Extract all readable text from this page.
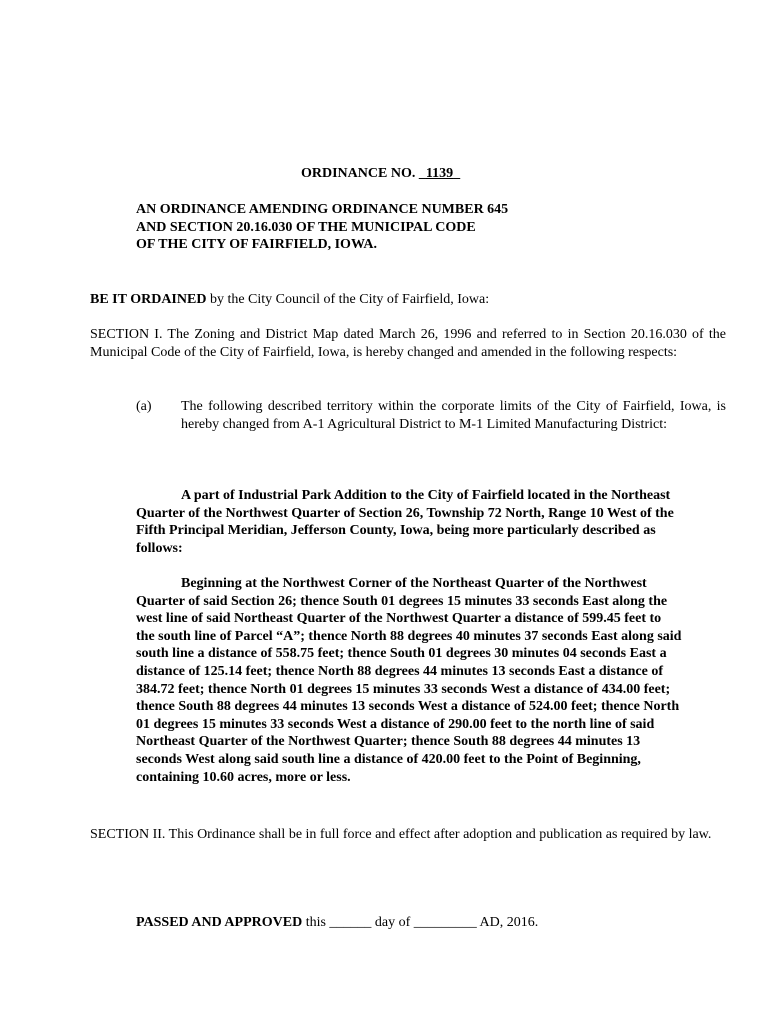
ORDINANCE NO. _1139_
AN ORDINANCE AMENDING ORDINANCE NUMBER 645
AND SECTION 20.16.030 OF THE MUNICIPAL CODE
OF THE CITY OF FAIRFIELD, IOWA.
BE IT ORDAINED by the City Council of the City of Fairfield, Iowa:
SECTION I. The Zoning and District Map dated March 26, 1996 and referred to in Section 20.16.030 of the Municipal Code of the City of Fairfield, Iowa, is hereby changed and amended in the following respects:
(a) The following described territory within the corporate limits of the City of Fairfield, Iowa, is hereby changed from A-1 Agricultural District to M-1 Limited Manufacturing District:
A part of Industrial Park Addition to the City of Fairfield located in the Northeast
Quarter of the Northwest Quarter of Section 26, Township 72 North, Range 10 West of the
Fifth Principal Meridian, Jefferson County, Iowa, being more particularly described as
follows:
Beginning at the Northwest Corner of the Northeast Quarter of the Northwest
Quarter of said Section 26; thence South 01 degrees 15 minutes 33 seconds East along the
west line of said Northeast Quarter of the Northwest Quarter a distance of 599.45 feet to
the south line of Parcel “A”; thence North 88 degrees 40 minutes 37 seconds East along said
south line a distance of 558.75 feet; thence South 01 degrees 30 minutes 04 seconds East a
distance of 125.14 feet; thence North 88 degrees 44 minutes 13 seconds East a distance of
384.72 feet; thence North 01 degrees 15 minutes 33 seconds West a distance of 434.00 feet;
thence South 88 degrees 44 minutes 13 seconds West a distance of 524.00 feet; thence North
01 degrees 15 minutes 33 seconds West a distance of 290.00 feet to the north line of said
Northeast Quarter of the Northwest Quarter; thence South 88 degrees 44 minutes 13
seconds West along said south line a distance of 420.00 feet to the Point of Beginning,
containing 10.60 acres, more or less.
SECTION II. This Ordinance shall be in full force and effect after adoption and publication as required by law.
PASSED AND APPROVED this ______ day of _________ AD, 2016.
